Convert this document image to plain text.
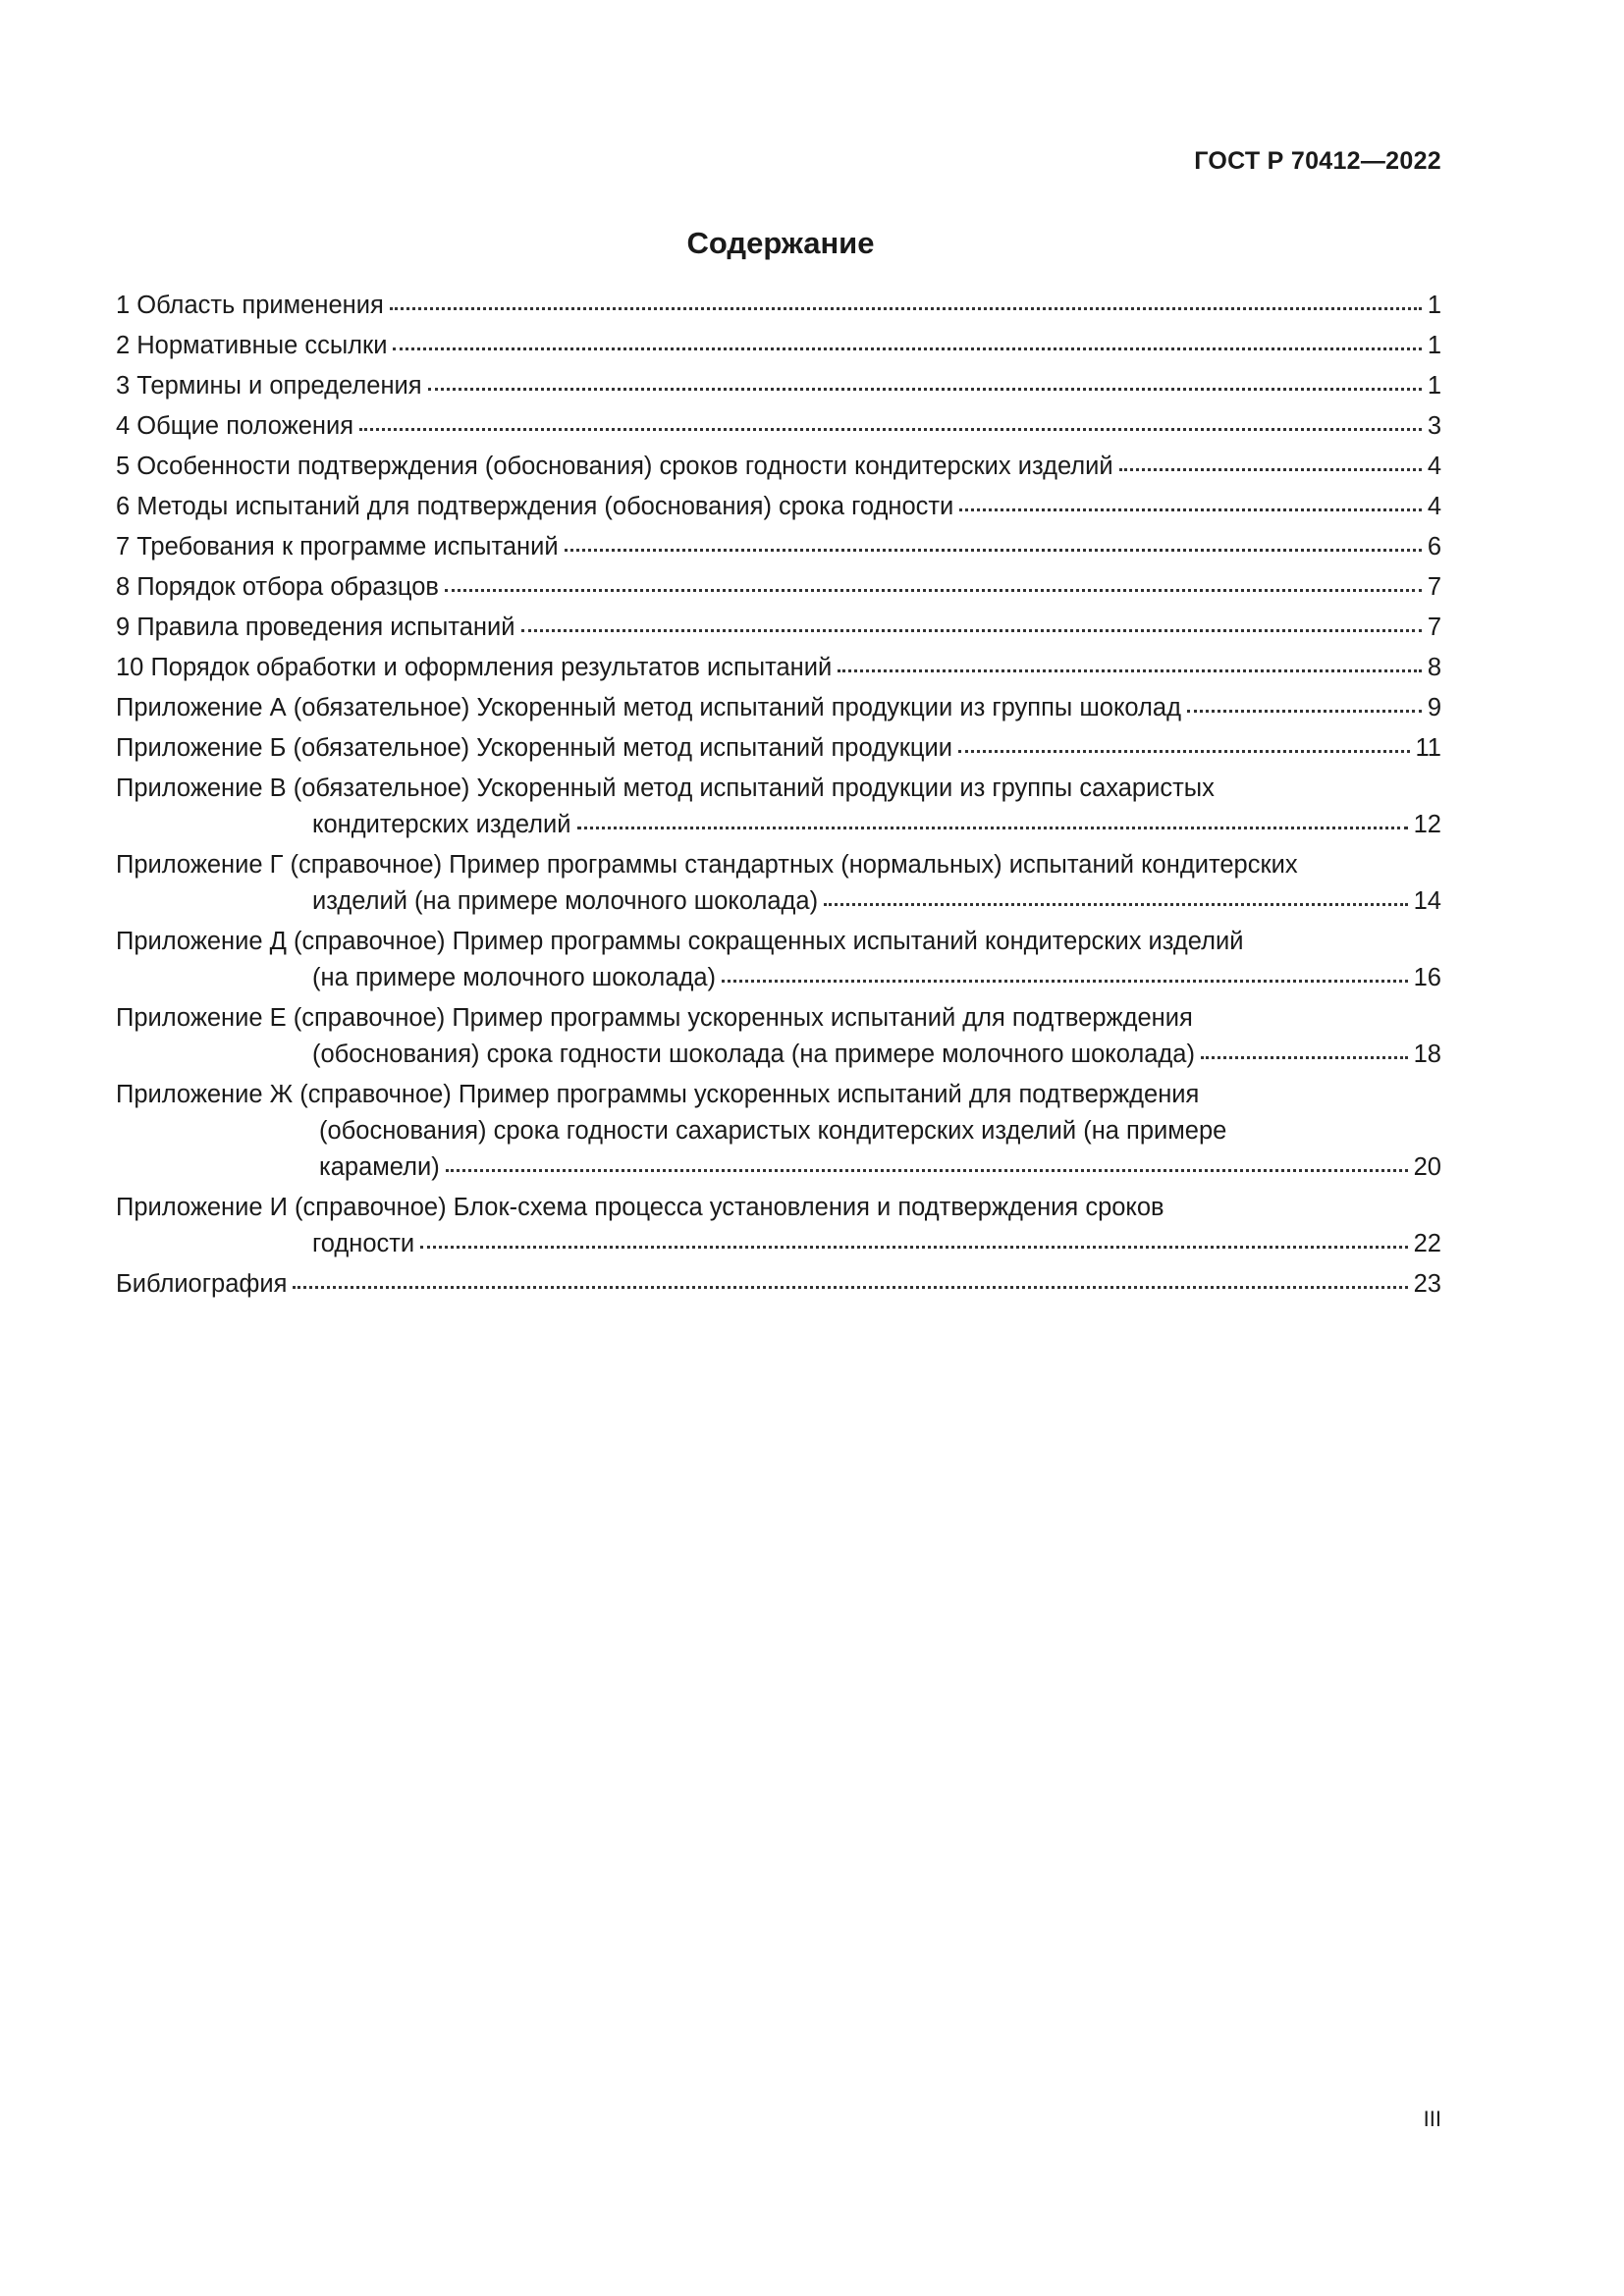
ГОСТ Р 70412—2022
Содержание
1 Область применения	1
2 Нормативные ссылки	1
3 Термины и определения	1
4 Общие положения	3
5 Особенности подтверждения (обоснования) сроков годности кондитерских изделий	4
6 Методы испытаний для подтверждения (обоснования) срока годности	4
7 Требования к программе испытаний	6
8 Порядок отбора образцов	7
9 Правила проведения испытаний	7
10 Порядок обработки и оформления результатов испытаний	8
Приложение А (обязательное) Ускоренный метод испытаний продукции из группы шоколад	9
Приложение Б (обязательное) Ускоренный метод испытаний продукции	11
Приложение В (обязательное) Ускоренный метод испытаний продукции из группы сахаристых
кондитерских изделий	12
Приложение Г (справочное) Пример программы стандартных (нормальных) испытаний кондитерских
изделий (на примере молочного шоколада)	14
Приложение Д (справочное) Пример программы сокращенных испытаний кондитерских изделий
(на примере молочного шоколада)	16
Приложение Е (справочное) Пример программы ускоренных испытаний для подтверждения
(обоснования) срока годности шоколада (на примере молочного шоколада)	18
Приложение Ж (справочное) Пример программы ускоренных испытаний для подтверждения
(обоснования) срока годности сахаристых кондитерских изделий (на примере
карамели)	20
Приложение И (справочное) Блок-схема процесса установления и подтверждения сроков
годности	22
Библиография	23
III
